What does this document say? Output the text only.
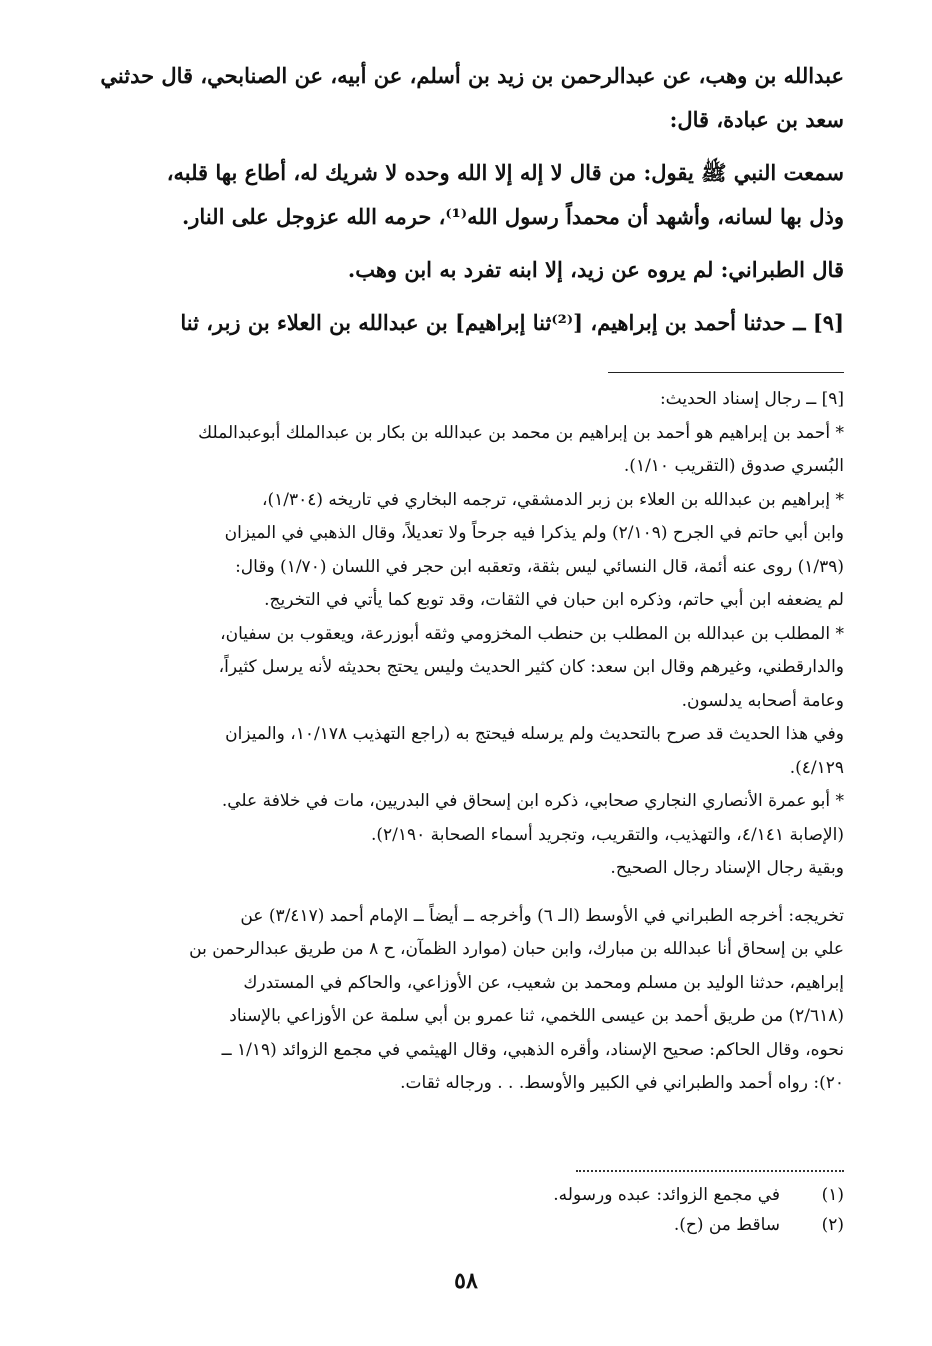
عبدالله بن وهب، عن عبدالرحمن بن زيد بن أسلم، عن أبيه، عن الصنابحي، قال حدثني
سعد بن عبادة، قال:
سمعت النبي ﷺ يقول: من قال لا إله إلا الله وحده لا شريك له، أطاع بها قلبه،
وذل بها لسانه، وأشهد أن محمداً رسول الله⁽¹⁾، حرمه الله عزوجل على النار.
قال الطبراني: لم يروه عن زيد، إلا ابنه تفرد به ابن وهب.
[٩] ــ حدثنا أحمد بن إبراهيم، [⁽²⁾ثنا إبراهيم] بن عبدالله بن العلاء بن زبر، ثنا
[٩] ــ رجال إسناد الحديث:
* أحمد بن إبراهيم هو أحمد بن إبراهيم بن محمد بن عبدالله بن بكار بن عبدالملك أبوعبدالملك
البُسري صدوق (التقريب ١/١٠).
* إبراهيم بن عبدالله بن العلاء بن زبر الدمشقي، ترجمه البخاري في تاريخه (١/٣٠٤)،
وابن أبي حاتم في الجرح (٢/١٠٩) ولم يذكرا فيه جرحاً ولا تعديلاً، وقال الذهبي في الميزان
(١/٣٩) روى عنه أئمة، قال النسائي ليس بثقة، وتعقبه ابن حجر في اللسان (١/٧٠) وقال:
لم يضعفه ابن أبي حاتم، وذكره ابن حبان في الثقات، وقد توبع كما يأتي في التخريج.
* المطلب بن عبدالله بن المطلب بن حنطب المخزومي وثقه أبوزرعة، ويعقوب بن سفيان،
والدارقطني، وغيرهم وقال ابن سعد: كان كثير الحديث وليس يحتج بحديثه لأنه يرسل كثيراً،
وعامة أصحابه يدلسون.
وفي هذا الحديث قد صرح بالتحديث ولم يرسله فيحتج به (راجع التهذيب ١٠/١٧٨، والميزان
٤/١٢٩).
* أبو عمرة الأنصاري النجاري صحابي، ذكره ابن إسحاق في البدريين، مات في خلافة علي.
(الإصابة ٤/١٤١، والتهذيب، والتقريب، وتجريد أسماء الصحابة ٢/١٩٠).
وبقية رجال الإسناد رجال الصحيح.
تخريجه: أخرجه الطبراني في الأوسط (الـ ٦) وأخرجه ــ أيضاً ــ الإمام أحمد (٣/٤١٧) عن
علي بن إسحاق أنا عبدالله بن مبارك، وابن حبان (موارد الظمآن، ح ٨ من طريق عبدالرحمن بن
إبراهيم، حدثنا الوليد بن مسلم ومحمد بن شعيب، عن الأوزاعي، والحاكم في المستدرك
(٢/٦١٨) من طريق أحمد بن عيسى اللخمي، ثنا عمرو بن أبي سلمة عن الأوزاعي بالإسناد
نحوه، وقال الحاكم: صحيح الإسناد، وأقره الذهبي، وقال الهيثمي في مجمع الزوائد (١/١٩ ــ
٢٠): رواه أحمد والطبراني في الكبير والأوسط. . . ورجاله ثقات.
(١)
في مجمع الزوائد: عبده ورسوله.
(٢)
ساقط من (ح).
٥٨
